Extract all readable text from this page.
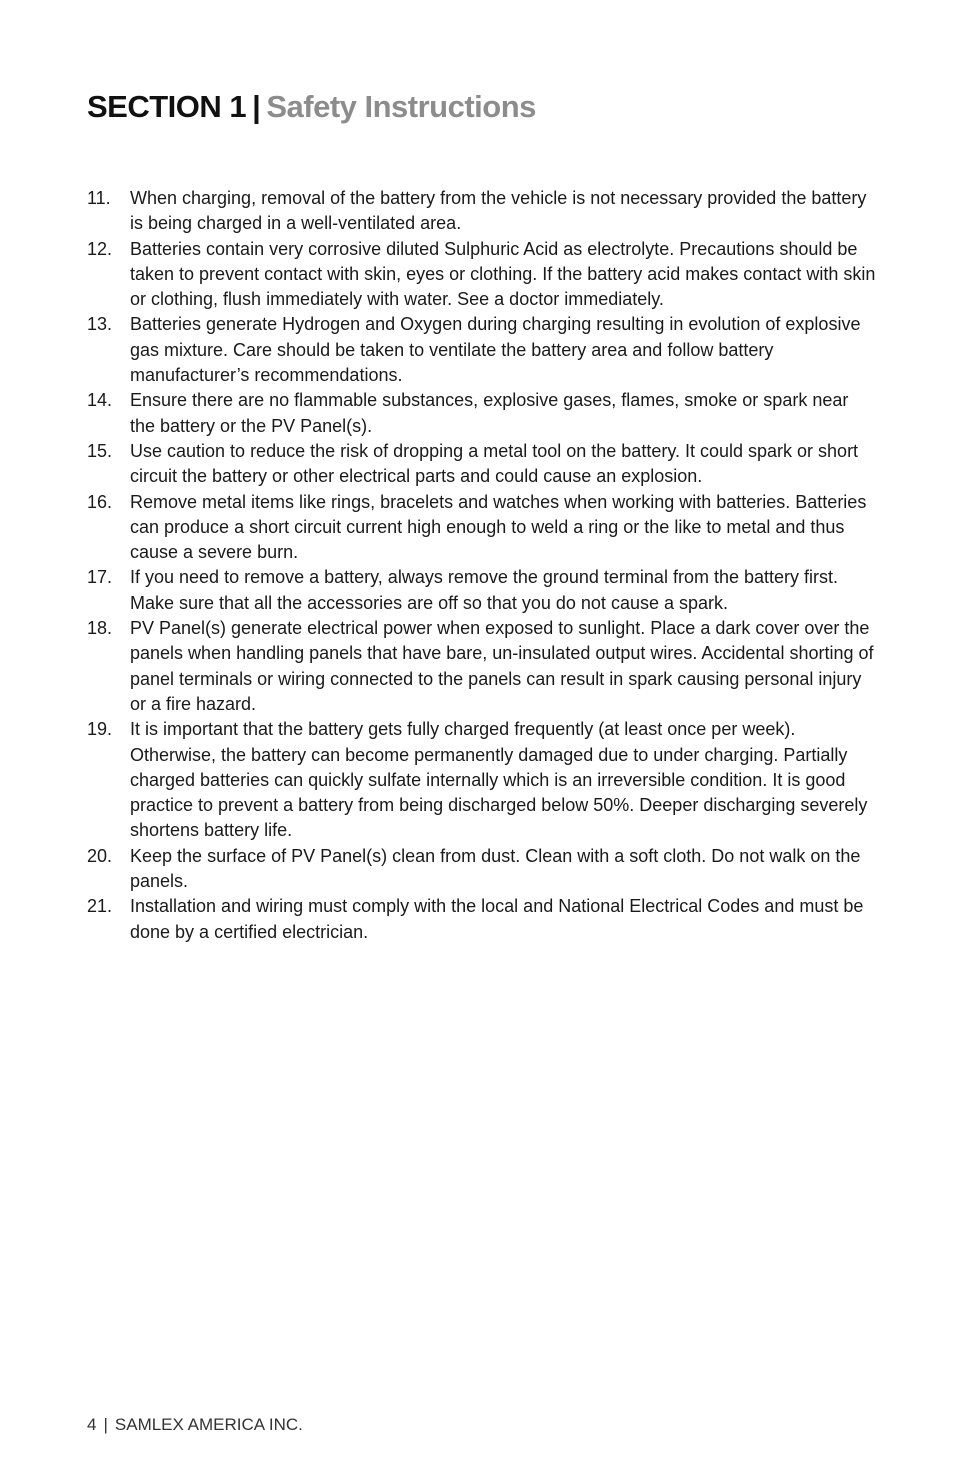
SECTION 1 | Safety Instructions
11.	When charging, removal of the battery from the vehicle is not necessary provided the battery is being charged in a well-ventilated area.
12. Batteries contain very corrosive diluted Sulphuric Acid as electrolyte. Precautions should be taken to prevent contact with skin, eyes or clothing. If the battery acid makes contact with skin or clothing, flush immediately with water. See a doctor immediately.
13. Batteries generate Hydrogen and Oxygen during charging resulting in evolution of explosive gas mixture. Care should be taken to ventilate the battery area and follow battery manufacturer’s recommendations.
14. Ensure there are no flammable substances, explosive gases, flames, smoke or spark near the battery or the PV Panel(s).
15. Use caution to reduce the risk of dropping a metal tool on the battery. It could spark or short circuit the battery or other electrical parts and could cause an explosion.
16. Remove metal items like rings, bracelets and watches when working with batteries. Batteries can produce a short circuit current high enough to weld a ring or the like to metal and thus cause a severe burn.
17. If you need to remove a battery, always remove the ground terminal from the battery first. Make sure that all the accessories are off so that you do not cause a spark.
18. PV Panel(s) generate electrical power when exposed to sunlight. Place a dark cover over the panels when handling panels that have bare, un-insulated output wires. Accidental shorting of panel terminals or wiring connected to the panels can result in spark causing personal injury or a fire hazard.
19. It is important that the battery gets fully charged frequently (at least once per week). Otherwise, the battery can become permanently damaged due to under charging. Partially charged batteries can quickly sulfate internally which is an irreversible condition. It is good practice to prevent a battery from being discharged below 50%. Deeper discharging severely shortens battery life.
20. Keep the surface of PV Panel(s) clean from dust. Clean with a soft cloth. Do not walk on the panels.
21. Installation and wiring must comply with the local and National Electrical Codes and must be done by a certified electrician.
4 | SAMLEX AMERICA INC.
